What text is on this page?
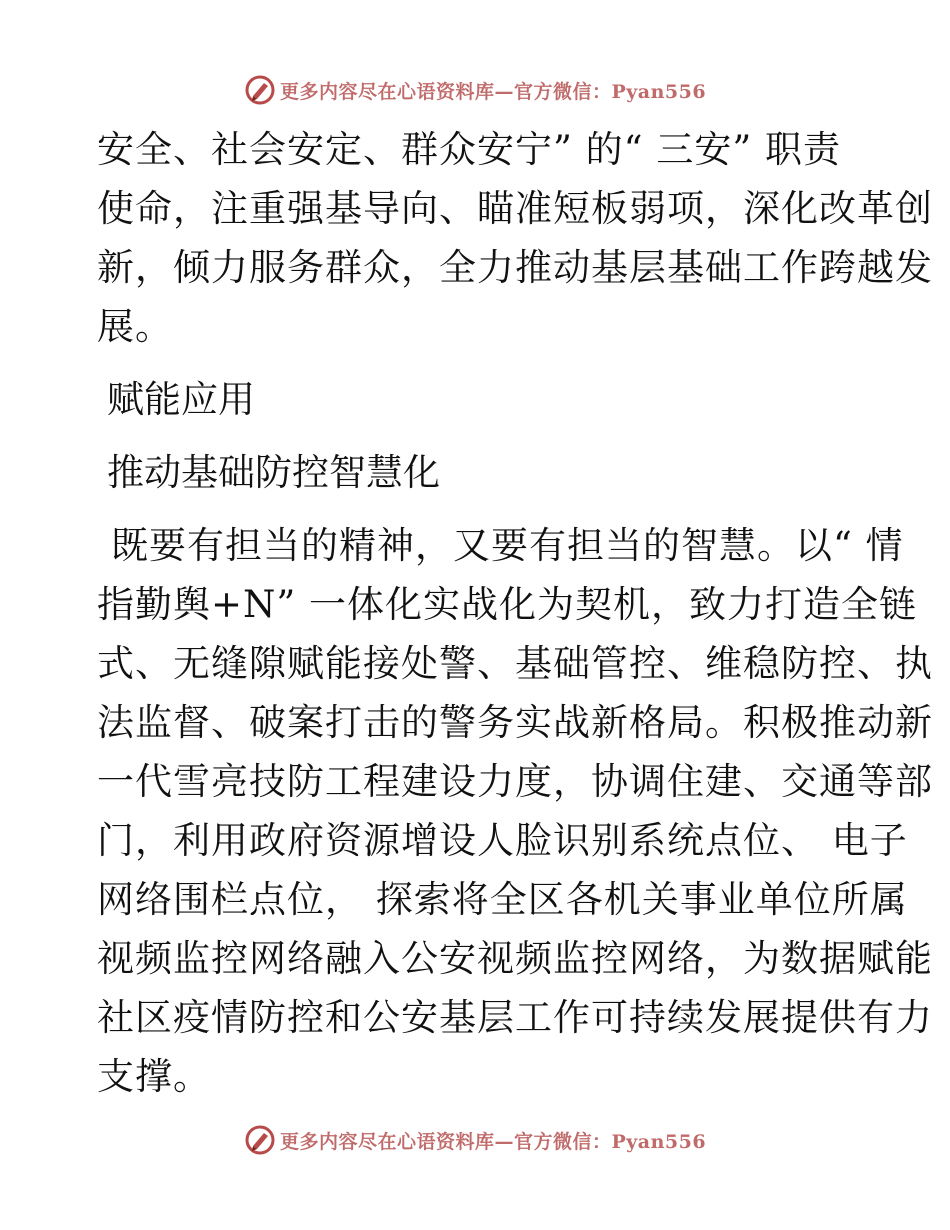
更多内容尽在心语资料库—官方微信：Pyan556
安全、社会安定、群众安宁” 的“ 三安” 职责
使命，注重强基导向、瞄准短板弱项，深化改革创
新，倾力服务群众，全力推动基层基础工作跨越发
展。
赋能应用
推动基础防控智慧化
既要有担当的精神，又要有担当的智慧。以“ 情
指勤舆+N” 一体化实战化为契机，致力打造全链
式、无缝隙赋能接处警、基础管控、维稳防控、执
法监督、破案打击的警务实战新格局。积极推动新
一代雪亮技防工程建设力度，协调住建、交通等部
门，利用政府资源增设人脸识别系统点位、 电子
网络围栏点位， 探索将全区各机关事业单位所属
视频监控网络融入公安视频监控网络，为数据赋能
社区疫情防控和公安基层工作可持续发展提供有力
支撑。
更多内容尽在心语资料库—官方微信：Pyan556
